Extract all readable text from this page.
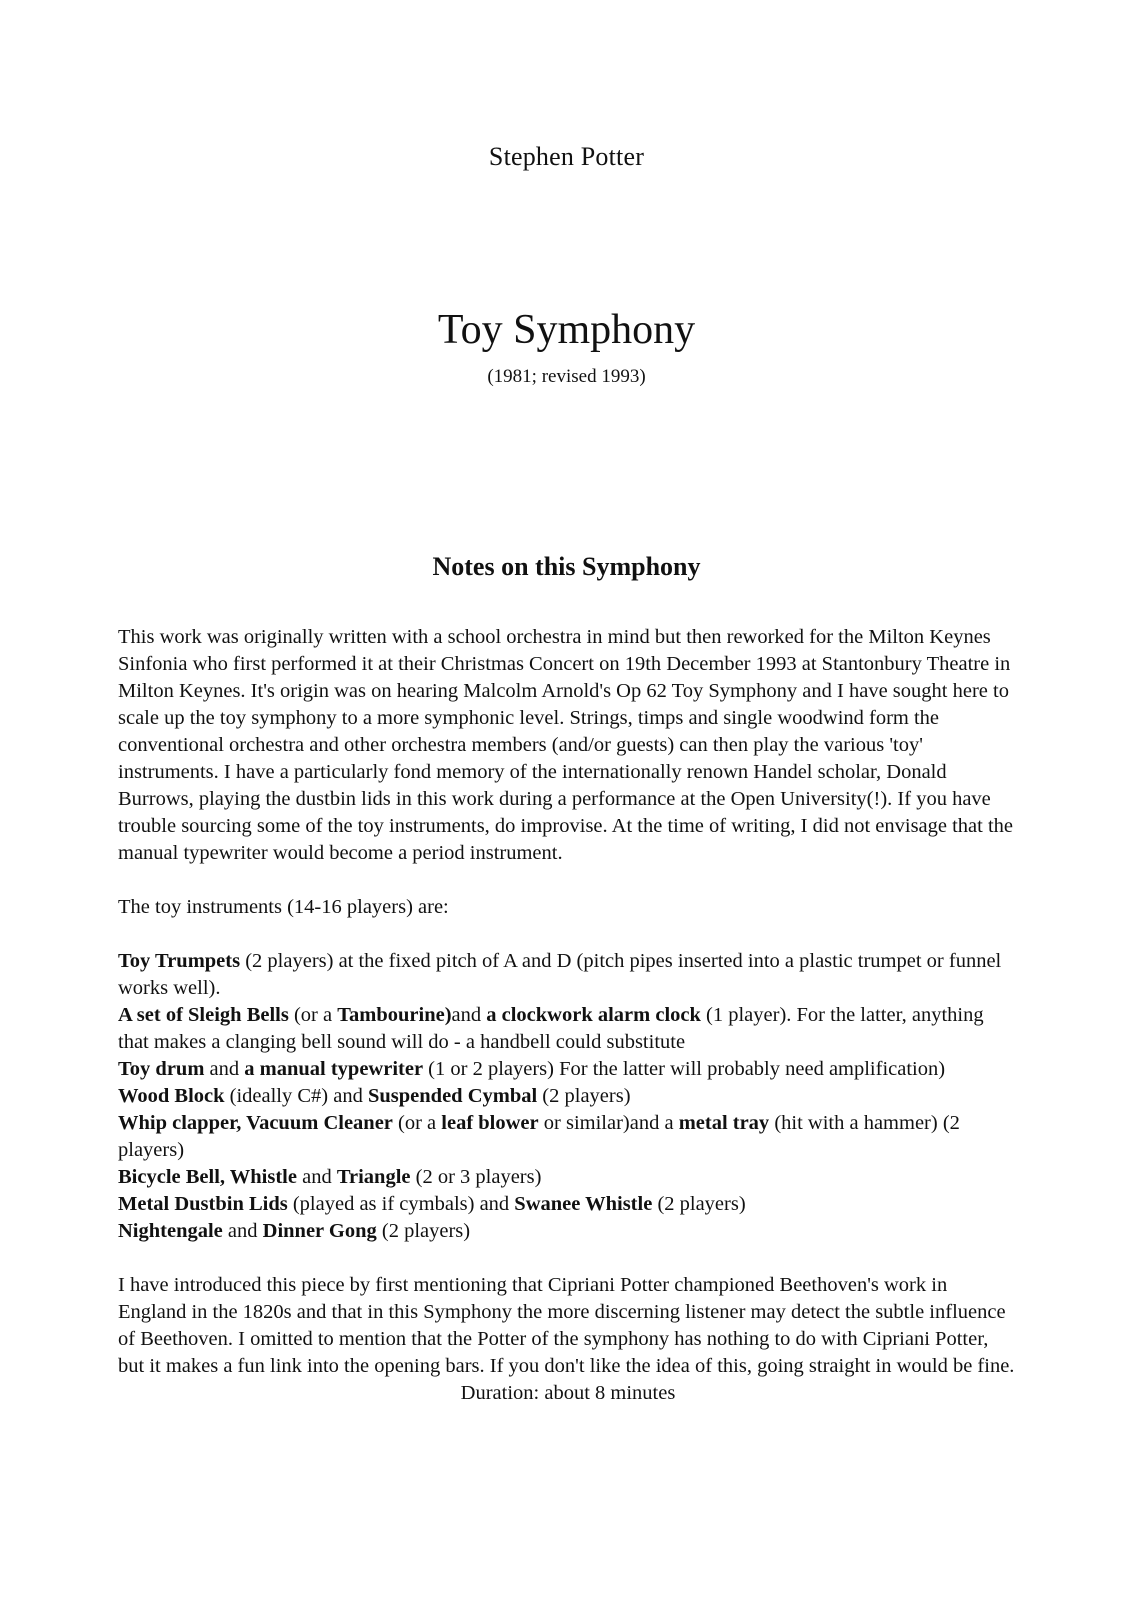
Stephen Potter
Toy Symphony
(1981; revised 1993)
Notes on this Symphony

This work was originally written with a school orchestra in mind but then reworked for the Milton Keynes Sinfonia who first performed it at their Christmas Concert on 19th December 1993 at Stantonbury Theatre in Milton Keynes. It's origin was on hearing Malcolm Arnold's Op 62 Toy Symphony and I have sought here to scale up the toy symphony to a more symphonic level. Strings, timps and single woodwind form the conventional orchestra and other orchestra members (and/or guests) can then play the various 'toy' instruments. I have a particularly fond memory of the internationally renown Handel scholar, Donald Burrows, playing the dustbin lids in this work during a performance at the Open University(!). If you have trouble sourcing some of the toy instruments, do improvise. At the time of writing, I did not envisage that the manual typewriter would become a period instrument.

The toy instruments (14-16 players) are:

Toy Trumpets (2 players) at the fixed pitch of A and D (pitch pipes inserted into a plastic trumpet or funnel works well).

A set of Sleigh Bells (or a Tambourine)and a clockwork alarm clock (1 player). For the latter, anything that makes a clanging bell sound will do - a handbell could substitute

Toy drum and a manual typewriter (1 or 2 players) For the latter will probably need amplification)

Wood Block (ideally C#) and Suspended Cymbal (2 players)

Whip clapper, Vacuum Cleaner (or a leaf blower or similar)and a metal tray (hit with a hammer) (2 players)

Bicycle Bell, Whistle and Triangle (2 or 3 players)

Metal Dustbin Lids (played as if cymbals) and Swanee Whistle (2 players)

Nightengale and Dinner Gong (2 players)

I have introduced this piece by first mentioning that Cipriani Potter championed Beethoven's work in England in the 1820s and that in this Symphony the more discerning listener may detect the subtle influence of Beethoven. I omitted to mention that the Potter of the symphony has nothing to do with Cipriani Potter, but it makes a fun link into the opening bars. If you don't like the idea of this, going straight in would be fine.

Duration: about 8 minutes
